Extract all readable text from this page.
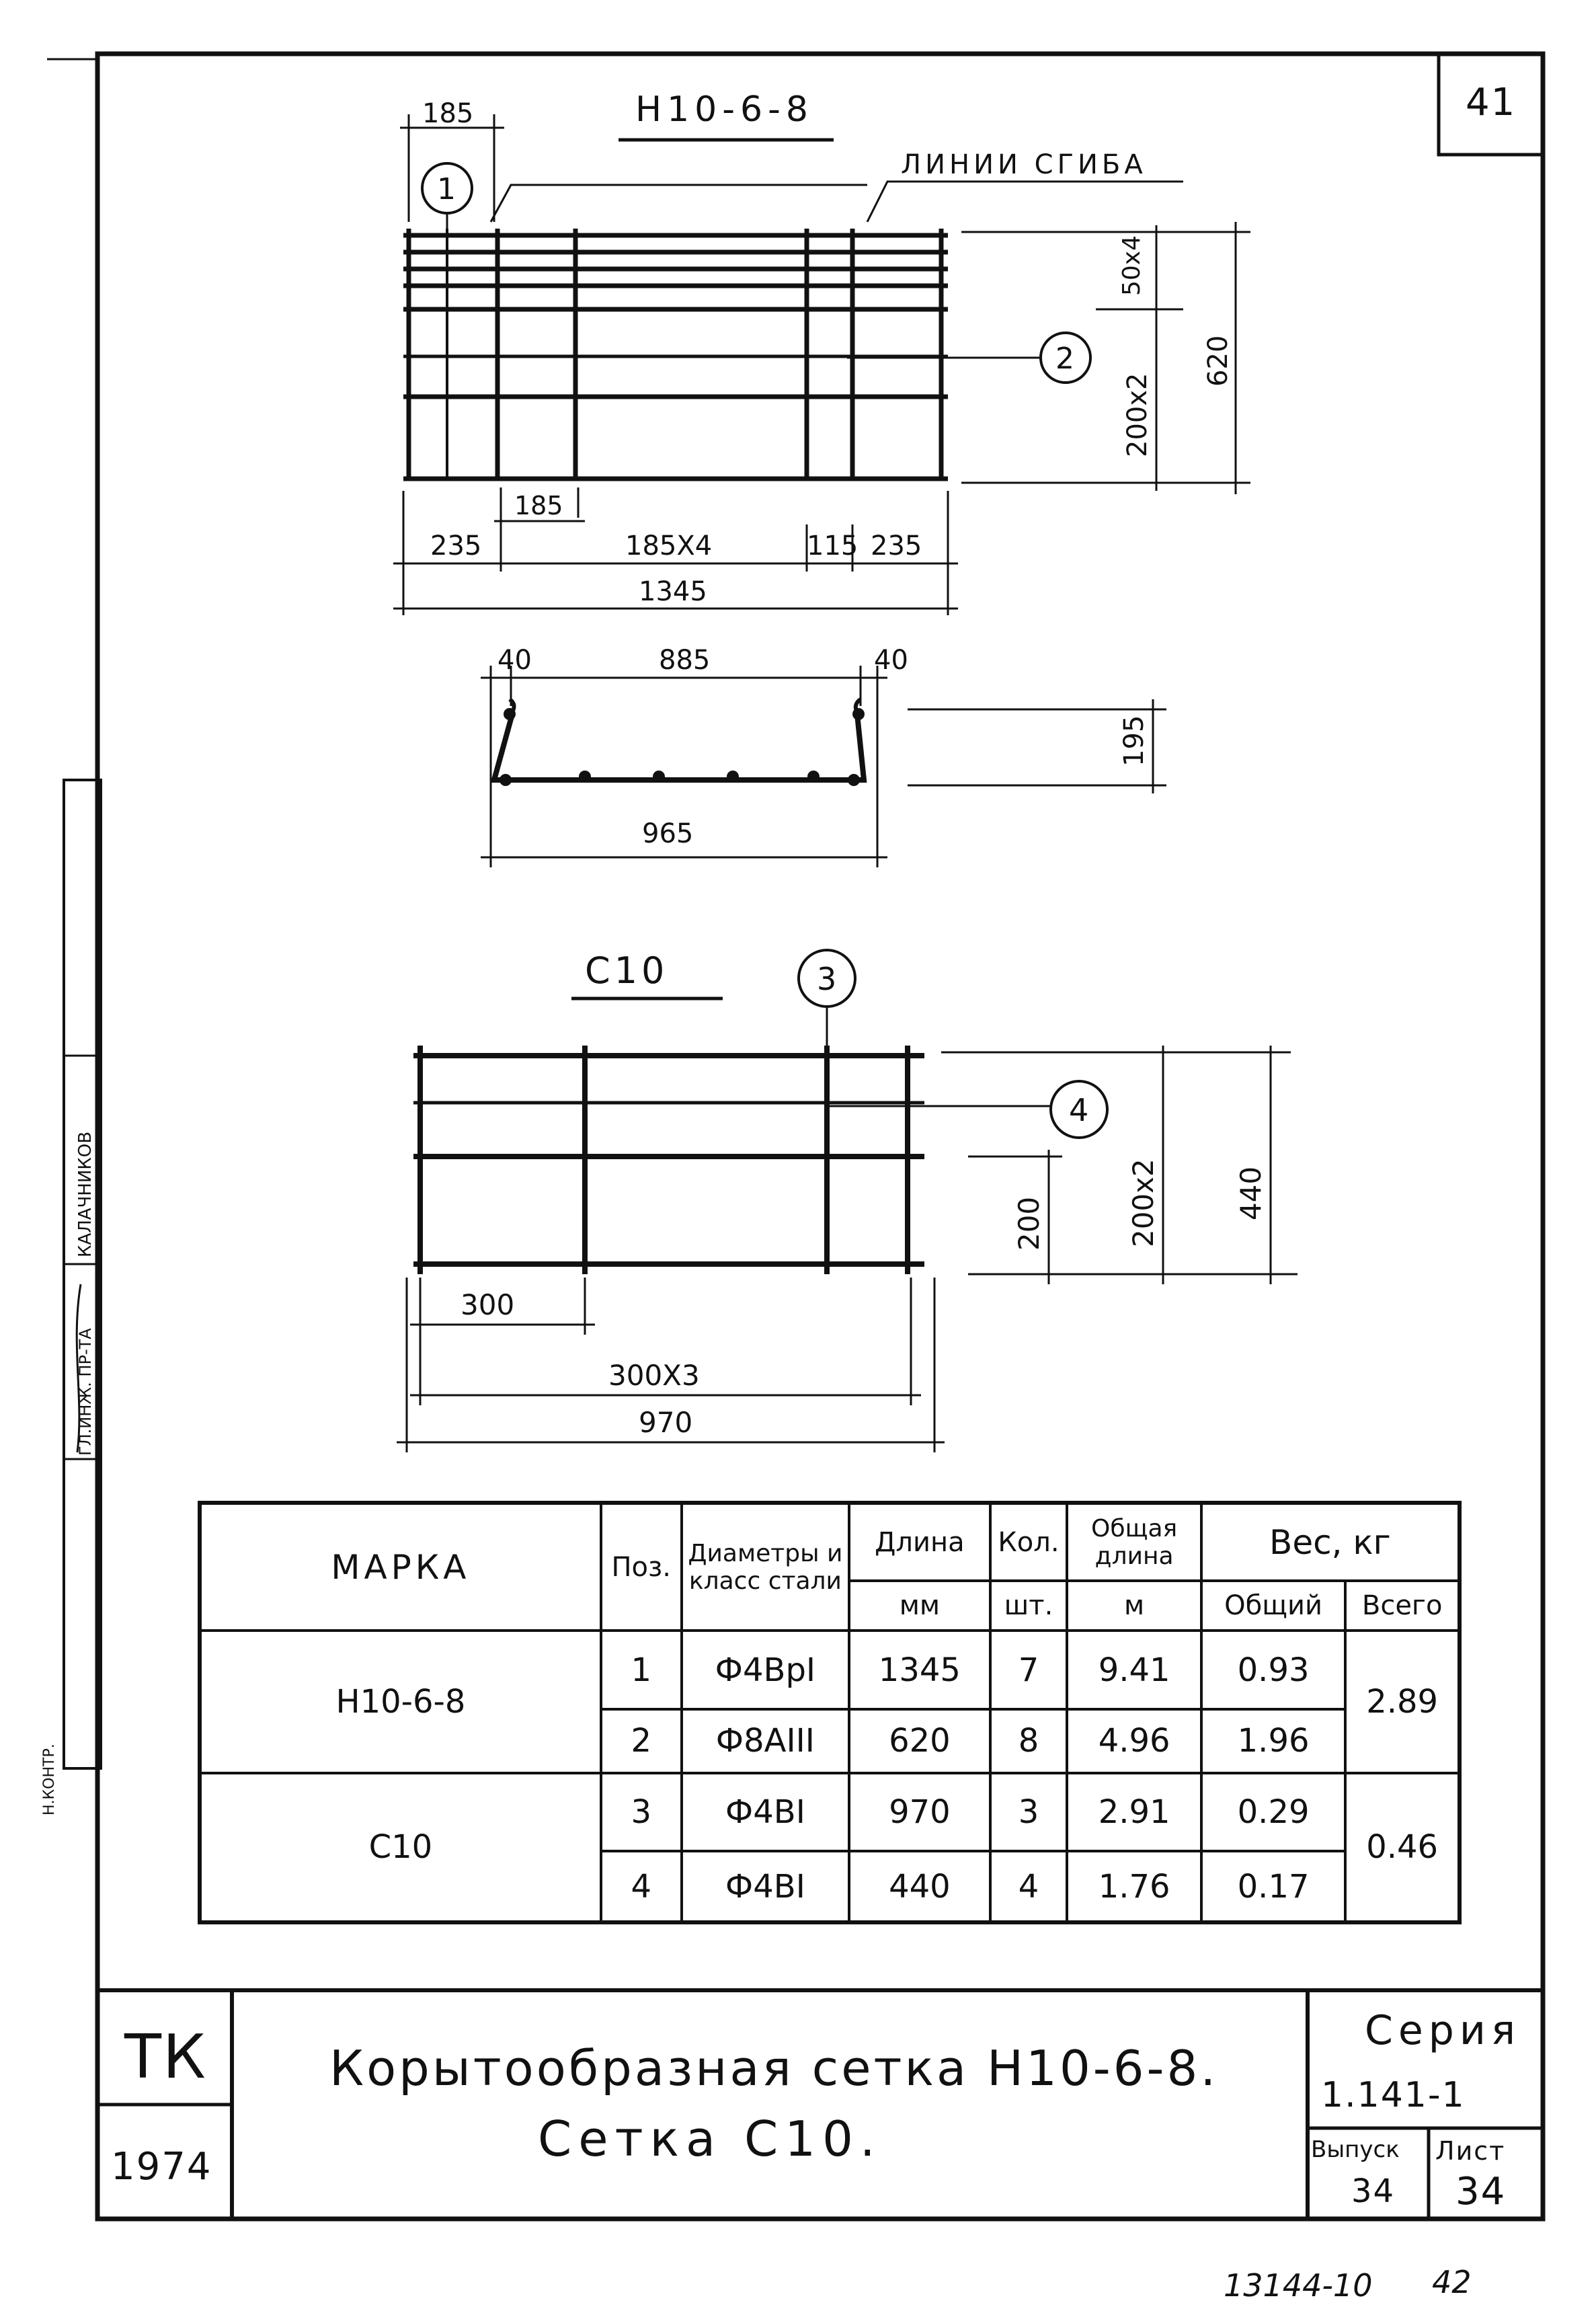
Н10-6-8
ЛИНИИ СГИБА
1
2
185
50x4
200x2
620
185
235	185X4	115 235
1345
40	885	40
195
965
С10	3
4
200	200x2	440
300
300X3
970
ГЛ.ИНЖ. ПР-ТА
КАЛАЧНИКОВ
Н.КОНТР.
13144-10 42
41
МАРКА	Поз.	Диаметры и класс стали	Длина	Кол.	Общая длина	Вес, кг	
			мм	шт.	м	Общий	Всего
Н10-6-8	1	Ф4ВрI	1345	7	9.41	0.93	2.89
	2	Ф8АIII	620	8	4.96	1.96	
С10	3	Ф4ВI	970	3	2.91	0.29	0.46
	4	Ф4ВI	440	4	1.76	0.17	
ТК
1974
Корытообразная сетка Н10-6-8.
Сетка С10.
Серия
1.141-1
Выпуск
34
Лист
34
